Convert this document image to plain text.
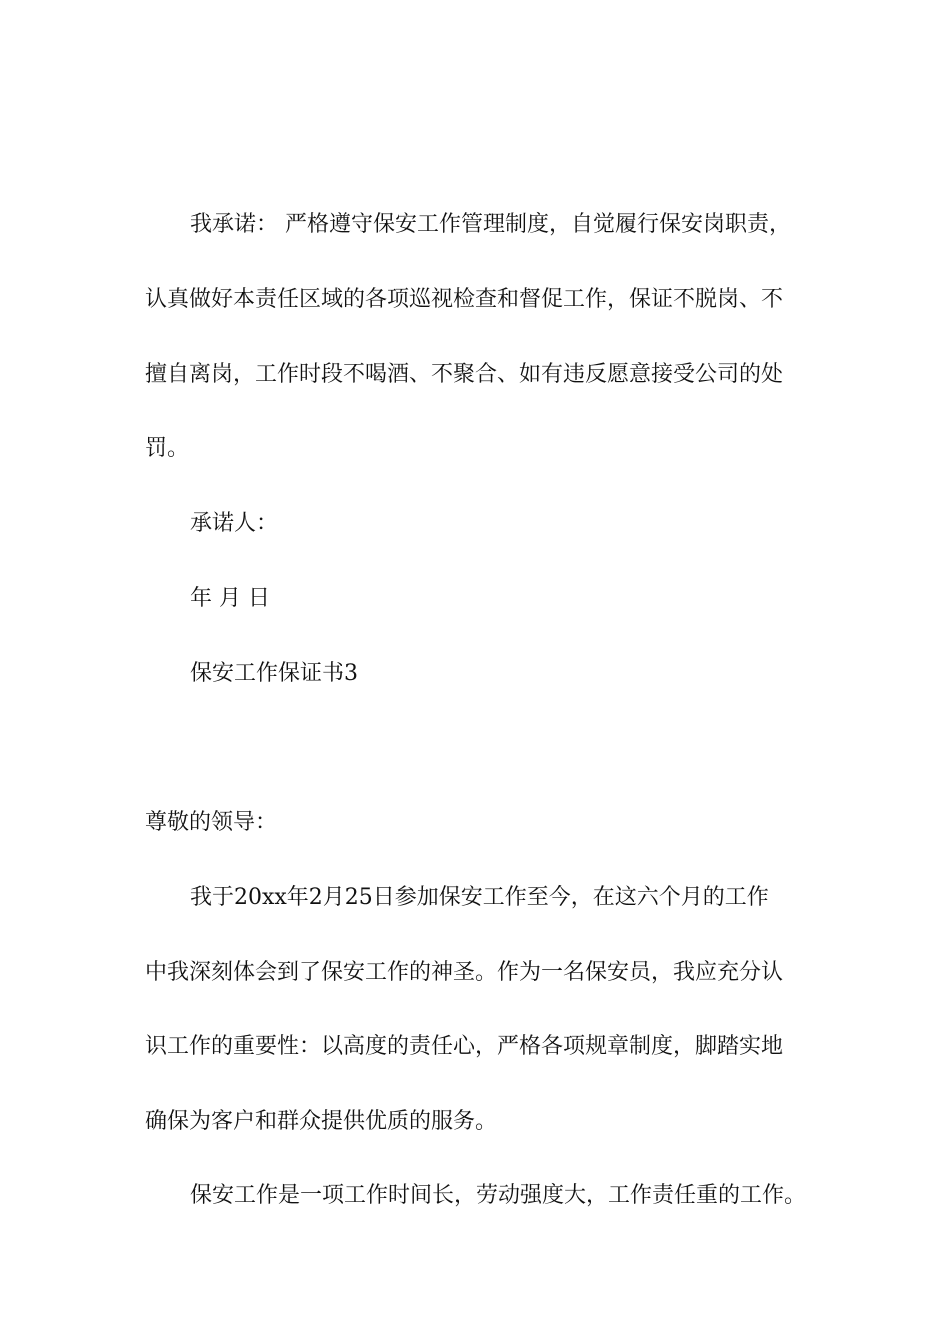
我承诺： 严格遵守保安工作管理制度，自觉履行保安岗职责，
认真做好本责任区域的各项巡视检查和督促工作，保证不脱岗、不
擅自离岗，工作时段不喝酒、不聚合、如有违反愿意接受公司的处
罚。
承诺人：
年 月 日
保安工作保证书3
尊敬的领导：
我于20xx年2月25日参加保安工作至今，在这六个月的工作
中我深刻体会到了保安工作的神圣。作为一名保安员，我应充分认
识工作的重要性：以高度的责任心，严格各项规章制度，脚踏实地
确保为客户和群众提供优质的服务。
保安工作是一项工作时间长，劳动强度大，工作责任重的工作。
